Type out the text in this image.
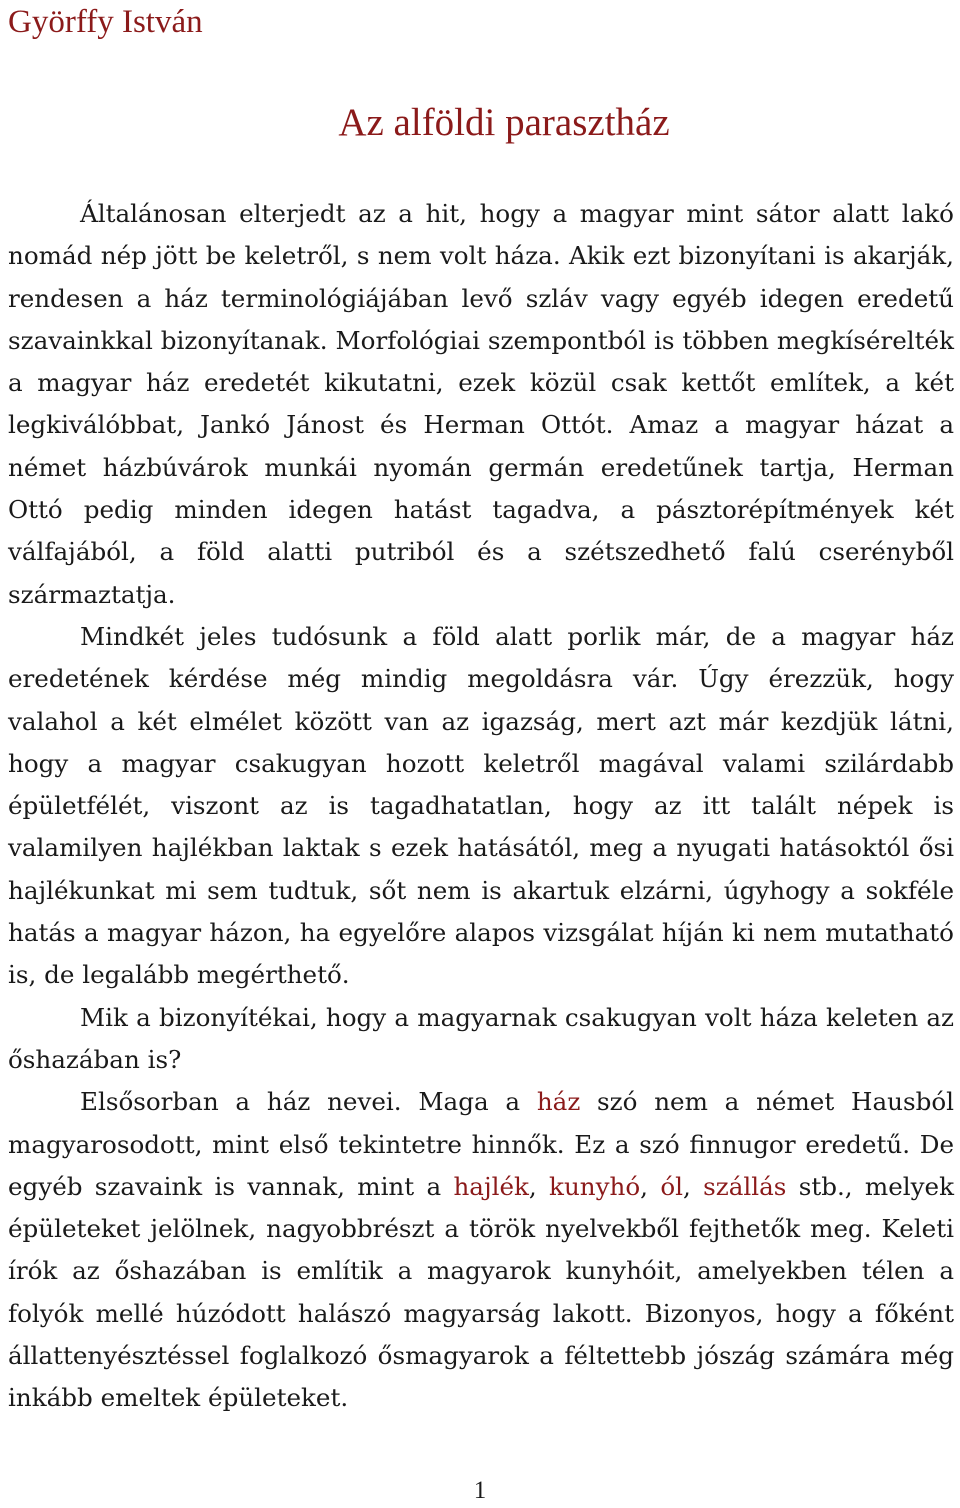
Györffy István
Az alföldi parasztház

Általánosan elterjedt az a hit, hogy a magyar mint sátor alatt lakó nomád nép jött be keletről, s nem volt háza. Akik ezt bizonyítani is akarják, rendesen a ház terminológiájában levő szláv vagy egyéb idegen eredetű szavainkkal bizonyítanak. Morfológiai szempontból is többen megkísérelték a magyar ház eredetét kikutatni, ezek közül csak kettőt említek, a két legkiválóbbat, Jankó Jánost és Herman Ottót. Amaz a magyar házat a német házbúvárok munkái nyomán germán eredetűnek tartja, Herman Ottó pedig minden idegen hatást tagadva, a pásztorépítmények két válfajából, a föld alatti putriból és a szétszedhető falú cserényből származtatja.

Mindkét jeles tudósunk a föld alatt porlik már, de a magyar ház eredetének kérdése még mindig megoldásra vár. Úgy érezzük, hogy valahol a két elmélet között van az igazság, mert azt már kezdjük látni, hogy a magyar csakugyan hozott keletről magával valami szilárdabb épületfélét, viszont az is tagadhatatlan, hogy az itt talált népek is valamilyen hajlékban laktak s ezek hatásától, meg a nyugati hatásoktól ősi hajlékunkat mi sem tudtuk, sőt nem is akartuk elzárni, úgyhogy a sokféle hatás a magyar házon, ha egyelőre alapos vizsgálat híján ki nem mutatható is, de legalább megérthető.

Mik a bizonyítékai, hogy a magyarnak csakugyan volt háza keleten az őshazában is?

Elsősorban a ház nevei. Maga a ház szó nem a német Hausból magyarosodott, mint első tekintetre hinnők. Ez a szó finnugor eredetű. De egyéb szavaink is vannak, mint a hajlék, kunyhó, ól, szállás stb., melyek épületeket jelölnek, nagyobbrészt a török nyelvekből fejthetők meg. Keleti írók az őshazában is említik a magyarok kunyhóit, amelyekben télen a folyók mellé húzódott halászó magyarság lakott. Bizonyos, hogy a főként állattenyésztéssel foglalkozó ősmagyarok a féltettebb jószág számára még inkább emeltek épületeket.

1
